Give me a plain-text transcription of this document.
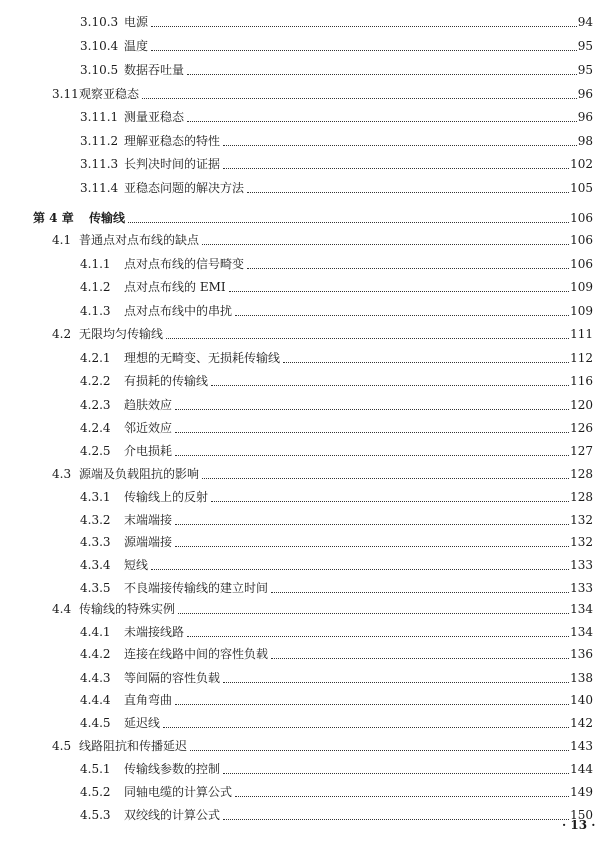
3.10.3 电源	94
3.10.4 温度	95
3.10.5 数据吞吐量	95
3.11 观察亚稳态	96
3.11.1 测量亚稳态	96
3.11.2 理解亚稳态的特性	98
3.11.3 长判决时间的证据	102
3.11.4 亚稳态问题的解决方法	105
第 4 章	传输线	106
4.1 普通点对点布线的缺点	106
4.1.1	点对点布线的信号畸变	106
4.1.2	点对点布线的 EMI	109
4.1.3	点对点布线中的串扰	109
4.2 无限均匀传输线	111
4.2.1	理想的无畸变、无损耗传输线	112
4.2.2	有损耗的传输线	116
4.2.3	趋肤效应	120
4.2.4	邻近效应	126
4.2.5	介电损耗	127
4.3 源端及负载阻抗的影响	128
4.3.1	传输线上的反射	128
4.3.2	末端端接	132
4.3.3	源端端接	132
4.3.4	短线	133
4.3.5	不良端接传输线的建立时间	133
4.4 传输线的特殊实例	134
4.4.1	未端接线路	134
4.4.2	连接在线路中间的容性负载	136
4.4.3	等间隔的容性负载	138
4.4.4	直角弯曲	140
4.4.5	延迟线	142
4.5 线路阻抗和传播延迟	143
4.5.1	传输线参数的控制	144
4.5.2	同轴电缆的计算公式	149
4.5.3	双绞线的计算公式	150
· 13 ·
